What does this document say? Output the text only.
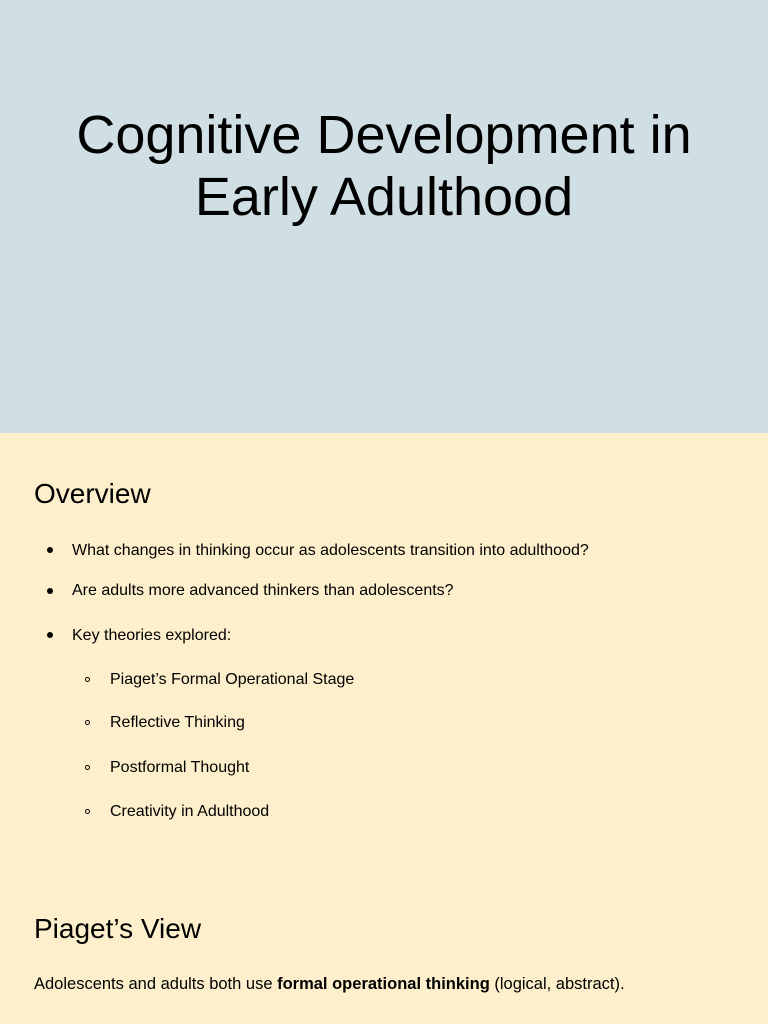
Cognitive Development in
Early Adulthood
Overview
What changes in thinking occur as adolescents transition into adulthood?
Are adults more advanced thinkers than adolescents?
Key theories explored:
Piaget’s Formal Operational Stage
Reflective Thinking
Postformal Thought
Creativity in Adulthood
Piaget’s View
Adolescents and adults both use formal operational thinking (logical, abstract).
